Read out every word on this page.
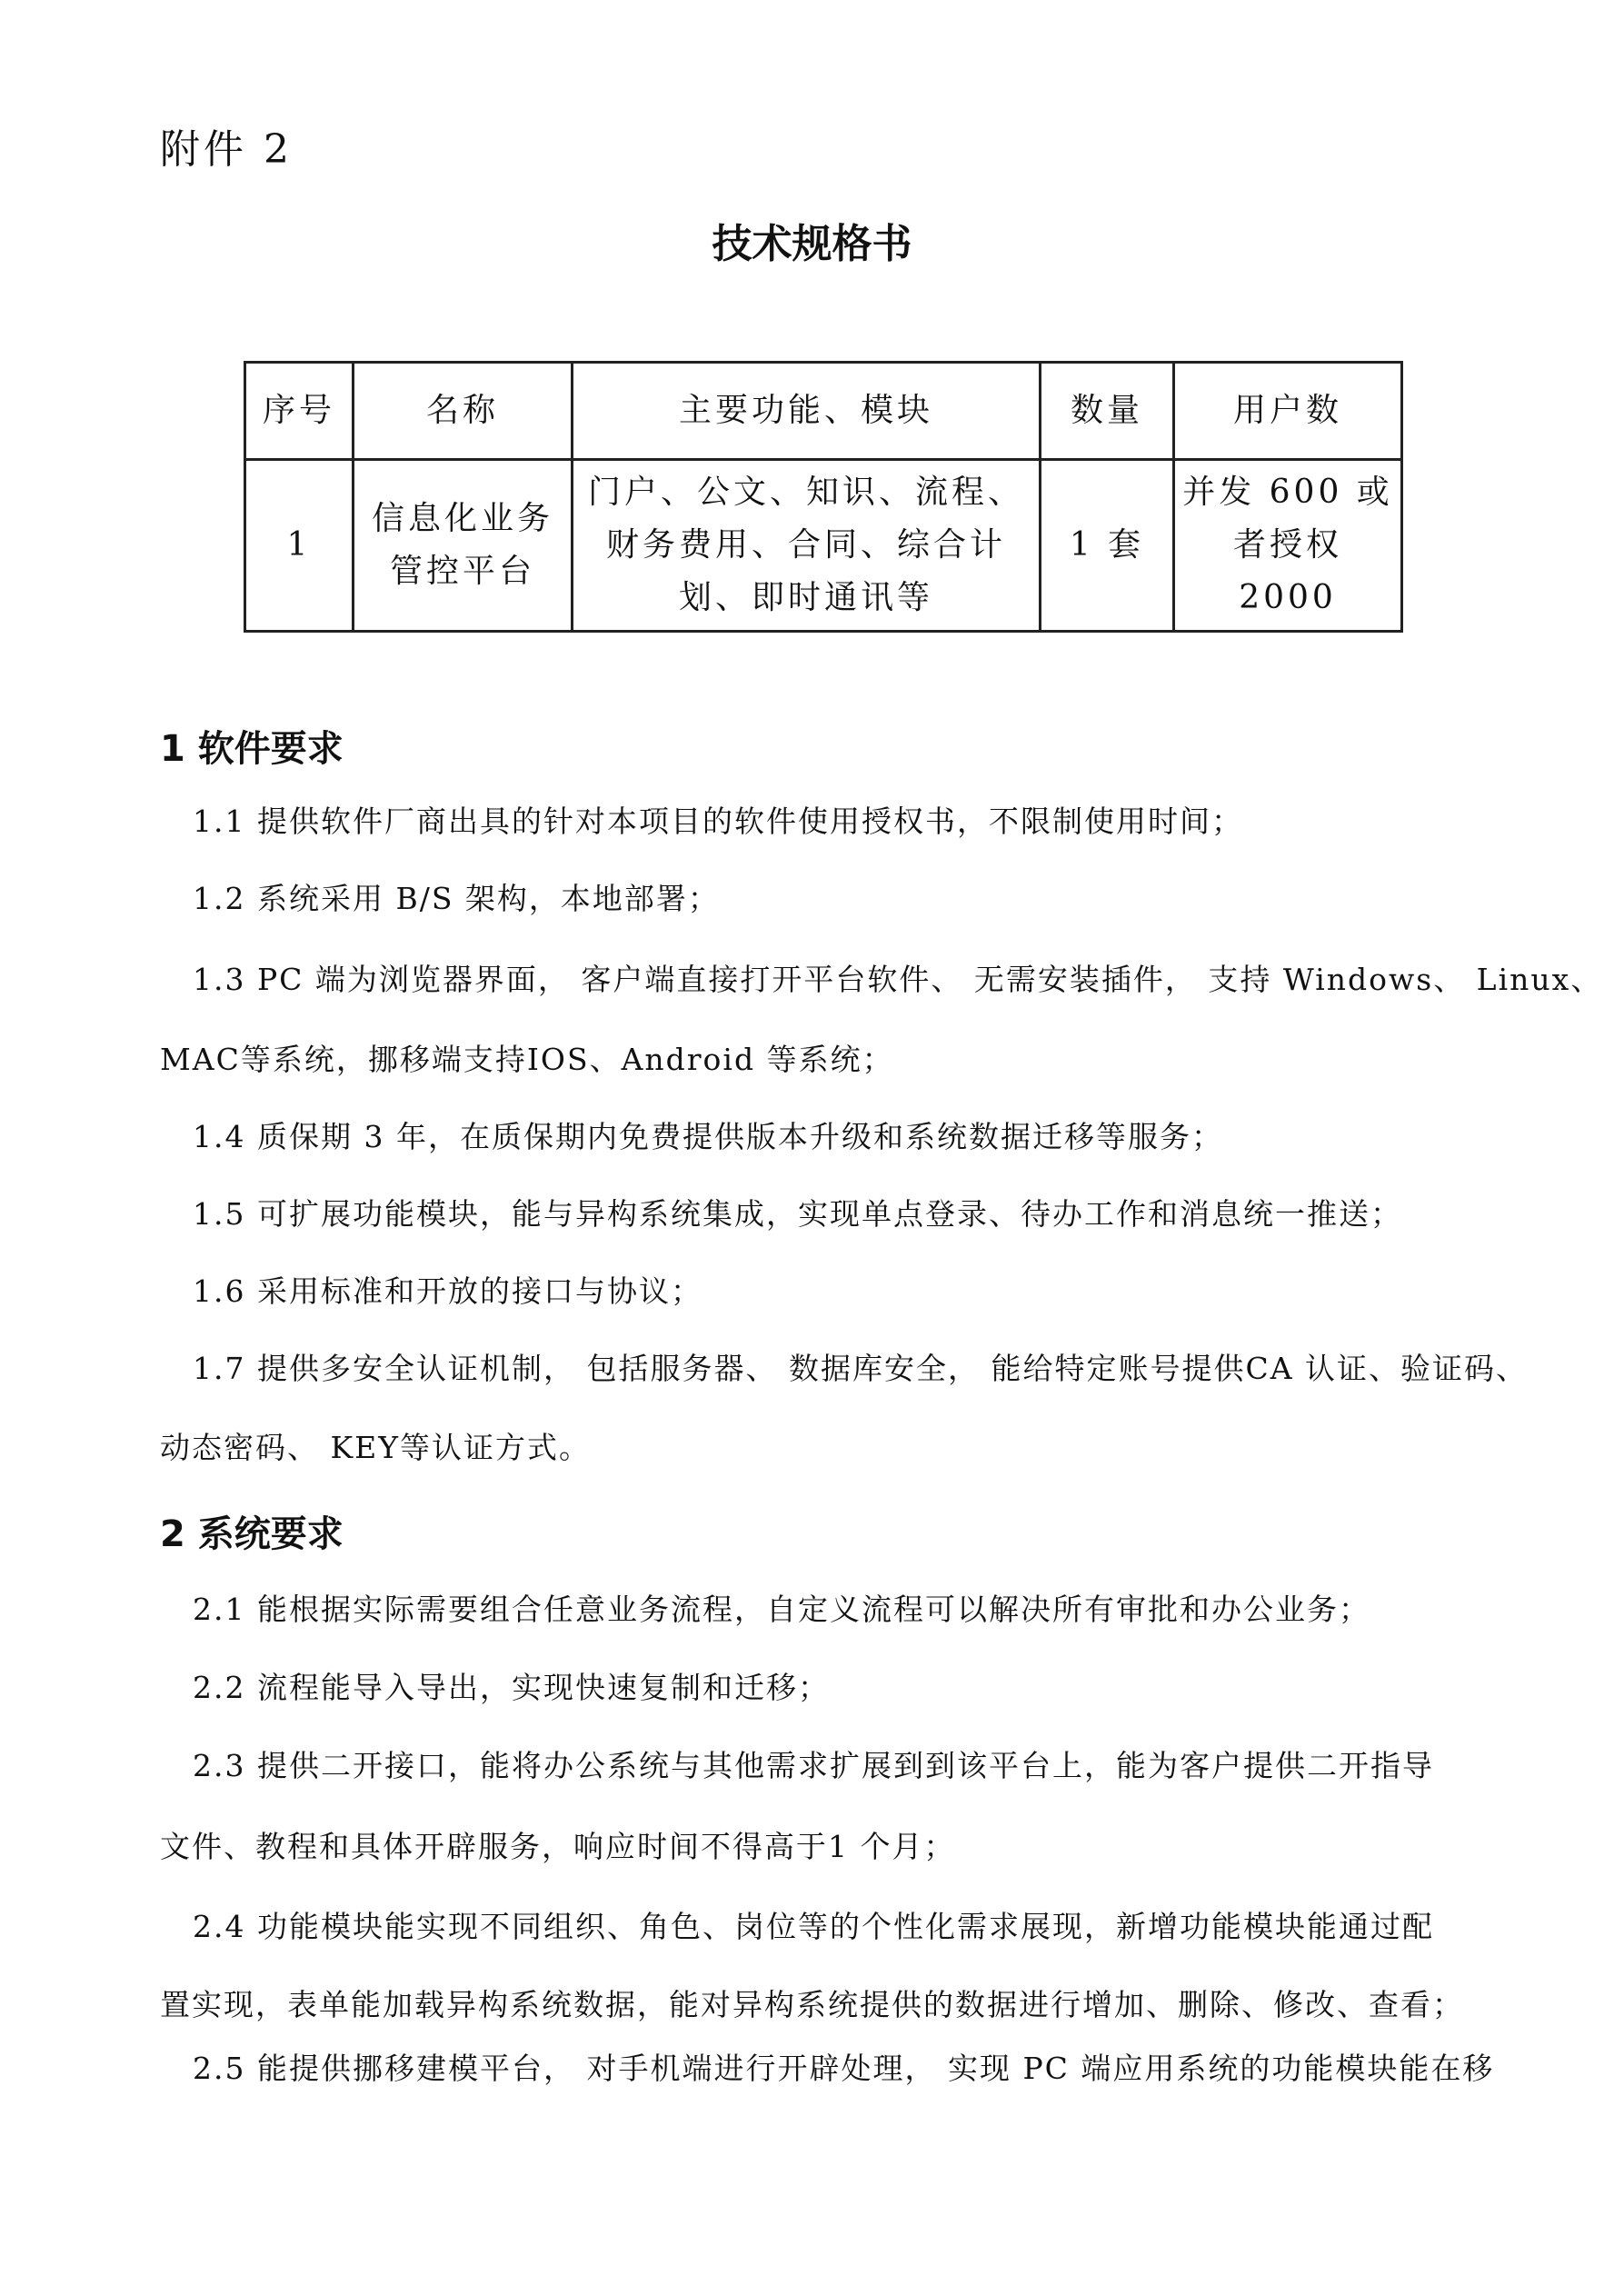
附件 2
技术规格书
序号	名称	主要功能、模块	数量	用户数
1	信息化业务管控平台	门户、公文、知识、流程、财务费用、合同、综合计划、即时通讯等	1 套	并发 600 或者授权 2000
1 软件要求
1.1 提供软件厂商出具的针对本项目的软件使用授权书，不限制使用时间；
1.2 系统采用 B/S 架构，本地部署；
1.3 PC 端为浏览器界面， 客户端直接打开平台软件、 无需安装插件， 支持 Windows、 Linux、
MAC等系统，挪移端支持IOS、Android 等系统；
1.4 质保期 3 年，在质保期内免费提供版本升级和系统数据迁移等服务；
1.5 可扩展功能模块，能与异构系统集成，实现单点登录、待办工作和消息统一推送；
1.6 采用标准和开放的接口与协议；
1.7 提供多安全认证机制， 包括服务器、 数据库安全， 能给特定账号提供CA 认证、验证码、
动态密码、 KEY等认证方式。
2 系统要求
2.1 能根据实际需要组合任意业务流程，自定义流程可以解决所有审批和办公业务；
2.2 流程能导入导出，实现快速复制和迁移；
2.3 提供二开接口，能将办公系统与其他需求扩展到到该平台上，能为客户提供二开指导
文件、教程和具体开辟服务，响应时间不得高于1 个月；
2.4 功能模块能实现不同组织、角色、岗位等的个性化需求展现，新增功能模块能通过配
置实现，表单能加载异构系统数据，能对异构系统提供的数据进行增加、删除、修改、查看；
2.5 能提供挪移建模平台， 对手机端进行开辟处理， 实现 PC 端应用系统的功能模块能在移
